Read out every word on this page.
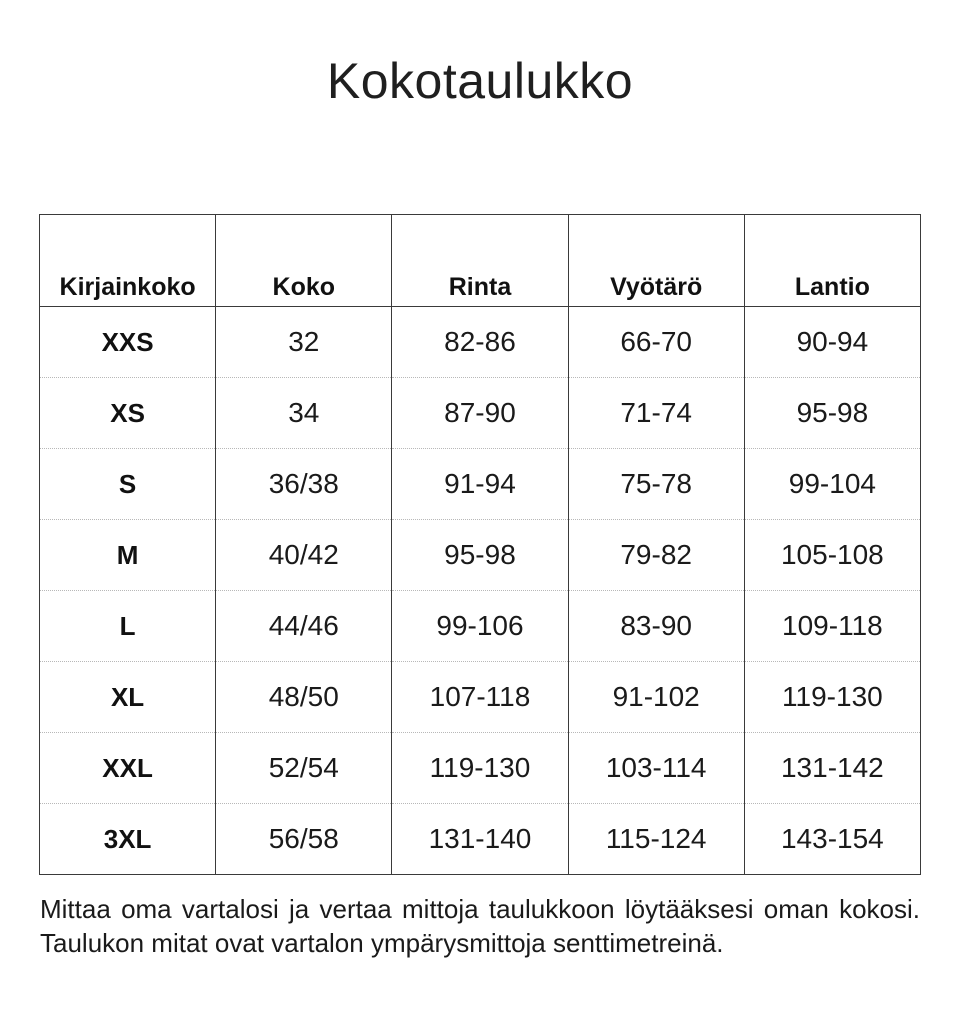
Kokotaulukko
Kirjainkoko	Koko	Rinta	Vyötärö	Lantio
XXS	32	82-86	66-70	90-94
XS	34	87-90	71-74	95-98
S	36/38	91-94	75-78	99-104
M	40/42	95-98	79-82	105-108
L	44/46	99-106	83-90	109-118
XL	48/50	107-118	91-102	119-130
XXL	52/54	119-130	103-114	131-142
3XL	56/58	131-140	115-124	143-154

Mittaa oma vartalosi ja vertaa mittoja taulukkoon löytääksesi oman kokosi. Taulukon mitat ovat vartalon ympärysmittoja senttimetreinä.
